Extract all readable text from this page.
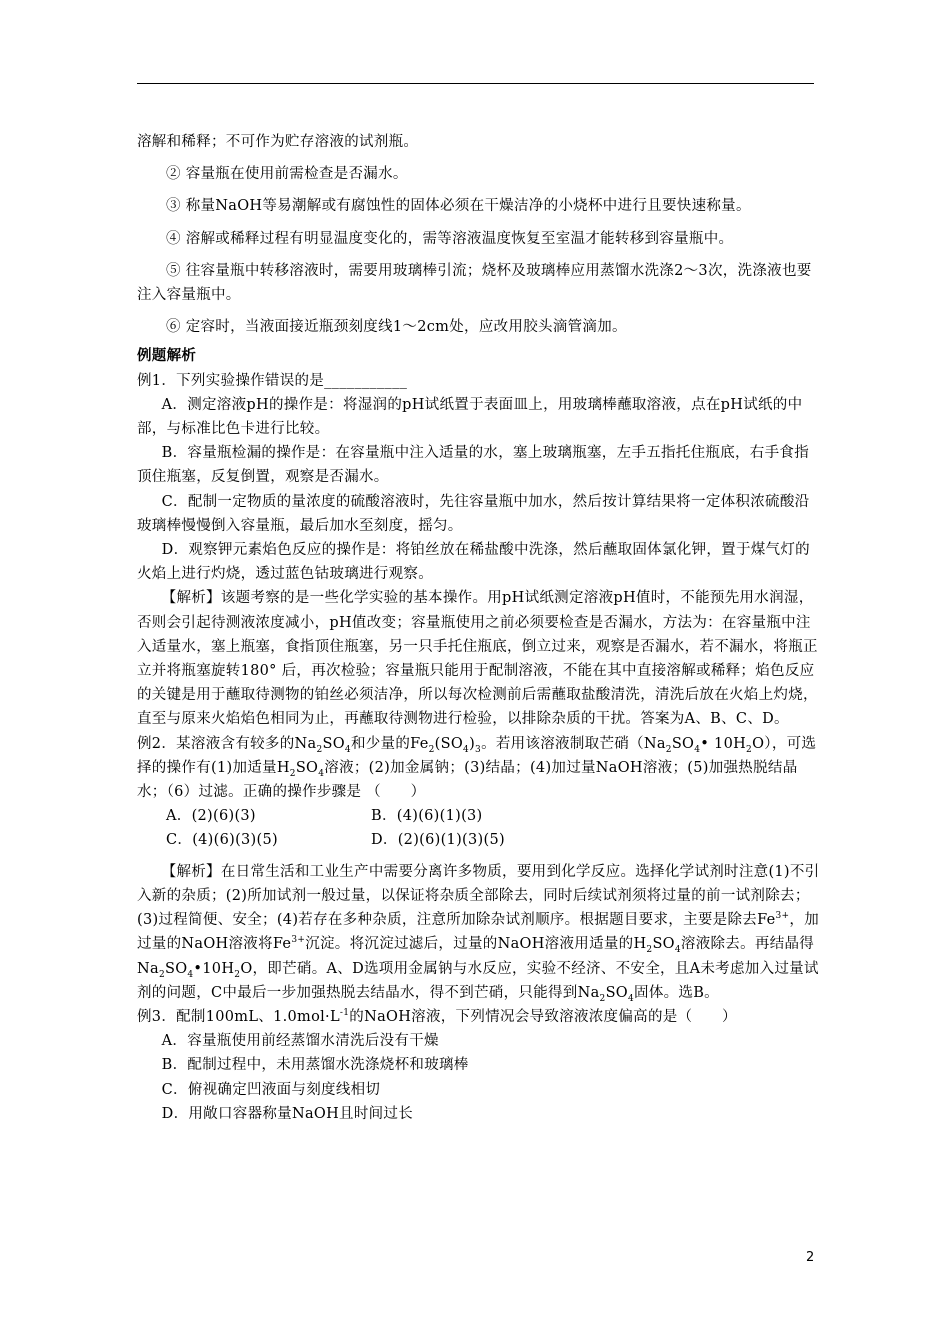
溶解和稀释；不可作为贮存溶液的试剂瓶。

② 容量瓶在使用前需检查是否漏水。

③ 称量NaOH等易潮解或有腐蚀性的固体必须在干燥洁净的小烧杯中进行且要快速称量。

④ 溶解或稀释过程有明显温度变化的，需等溶液温度恢复至室温才能转移到容量瓶中。

⑤ 往容量瓶中转移溶液时，需要用玻璃棒引流；烧杯及玻璃棒应用蒸馏水洗涤2～3次，洗涤液也要注入容量瓶中。

⑥ 定容时，当液面接近瓶颈刻度线1～2cm处，应改用胶头滴管滴加。

例题解析

例1．下列实验操作错误的是___________

A．测定溶液pH的操作是：将湿润的pH试纸置于表面皿上，用玻璃棒蘸取溶液，点在pH试纸的中部，与标准比色卡进行比较。

B．容量瓶检漏的操作是：在容量瓶中注入适量的水，塞上玻璃瓶塞，左手五指托住瓶底，右手食指顶住瓶塞，反复倒置，观察是否漏水。

C．配制一定物质的量浓度的硫酸溶液时，先往容量瓶中加水，然后按计算结果将一定体积浓硫酸沿玻璃棒慢慢倒入容量瓶，最后加水至刻度，摇匀。

D．观察钾元素焰色反应的操作是：将铂丝放在稀盐酸中洗涤，然后蘸取固体氯化钾，置于煤气灯的火焰上进行灼烧，透过蓝色钴玻璃进行观察。

【解析】该题考察的是一些化学实验的基本操作。用pH试纸测定溶液pH值时，不能预先用水润湿，否则会引起待测液浓度减小，pH值改变；容量瓶使用之前必须要检查是否漏水，方法为：在容量瓶中注入适量水，塞上瓶塞，食指顶住瓶塞，另一只手托住瓶底，倒立过来，观察是否漏水，若不漏水，将瓶正立并将瓶塞旋转180° 后，再次检验；容量瓶只能用于配制溶液，不能在其中直接溶解或稀释；焰色反应的关键是用于蘸取待测物的铂丝必须洁净，所以每次检测前后需蘸取盐酸清洗，清洗后放在火焰上灼烧，直至与原来火焰焰色相同为止，再蘸取待测物进行检验，以排除杂质的干扰。答案为A、B、C、D。

例2．某溶液含有较多的$Na_2SO_4$和少量的$Fe_2(SO_4)_3$。若用该溶液制取芒硝（$Na_2SO_4•$ $10H_2O$），可选择的操作有(1)加适量$H_2SO_4$溶液；(2)加金属钠；(3)结晶；(4)加过量NaOH溶液；(5)加强热脱结晶水；（6）过滤。正确的操作步骤是 （　　）

A．(2)(6)(3)	B．(4)(6)(1)(3)
C．(4)(6)(3)(5)	D．(2)(6)(1)(3)(5)

【解析】在日常生活和工业生产中需要分离许多物质，要用到化学反应。选择化学试剂时注意(1)不引入新的杂质；(2)所加试剂一般过量，以保证将杂质全部除去，同时后续试剂须将过量的前一试剂除去；(3)过程简便、安全；(4)若存在多种杂质，注意所加除杂试剂顺序。根据题目要求，主要是除去$Fe^{3+}$，加过量的NaOH溶液将$Fe^{3+}$沉淀。将沉淀过滤后，过量的NaOH溶液用适量的$H_2SO_4$溶液除去。再结晶得$Na_2SO_4•10H_2O$，即芒硝。A、D选项用金属钠与水反应，实验不经济、不安全，且A未考虑加入过量试剂的问题，C中最后一步加强热脱去结晶水，得不到芒硝，只能得到$Na_2SO_4$固体。选B。

例3．配制100mL、$1.0mol\cdot L^{-1}$的NaOH溶液，下列情况会导致溶液浓度偏高的是（　　）

A．容量瓶使用前经蒸馏水清洗后没有干燥

B．配制过程中，未用蒸馏水洗涤烧杯和玻璃棒

C．俯视确定凹液面与刻度线相切

D．用敞口容器称量NaOH且时间过长

2
